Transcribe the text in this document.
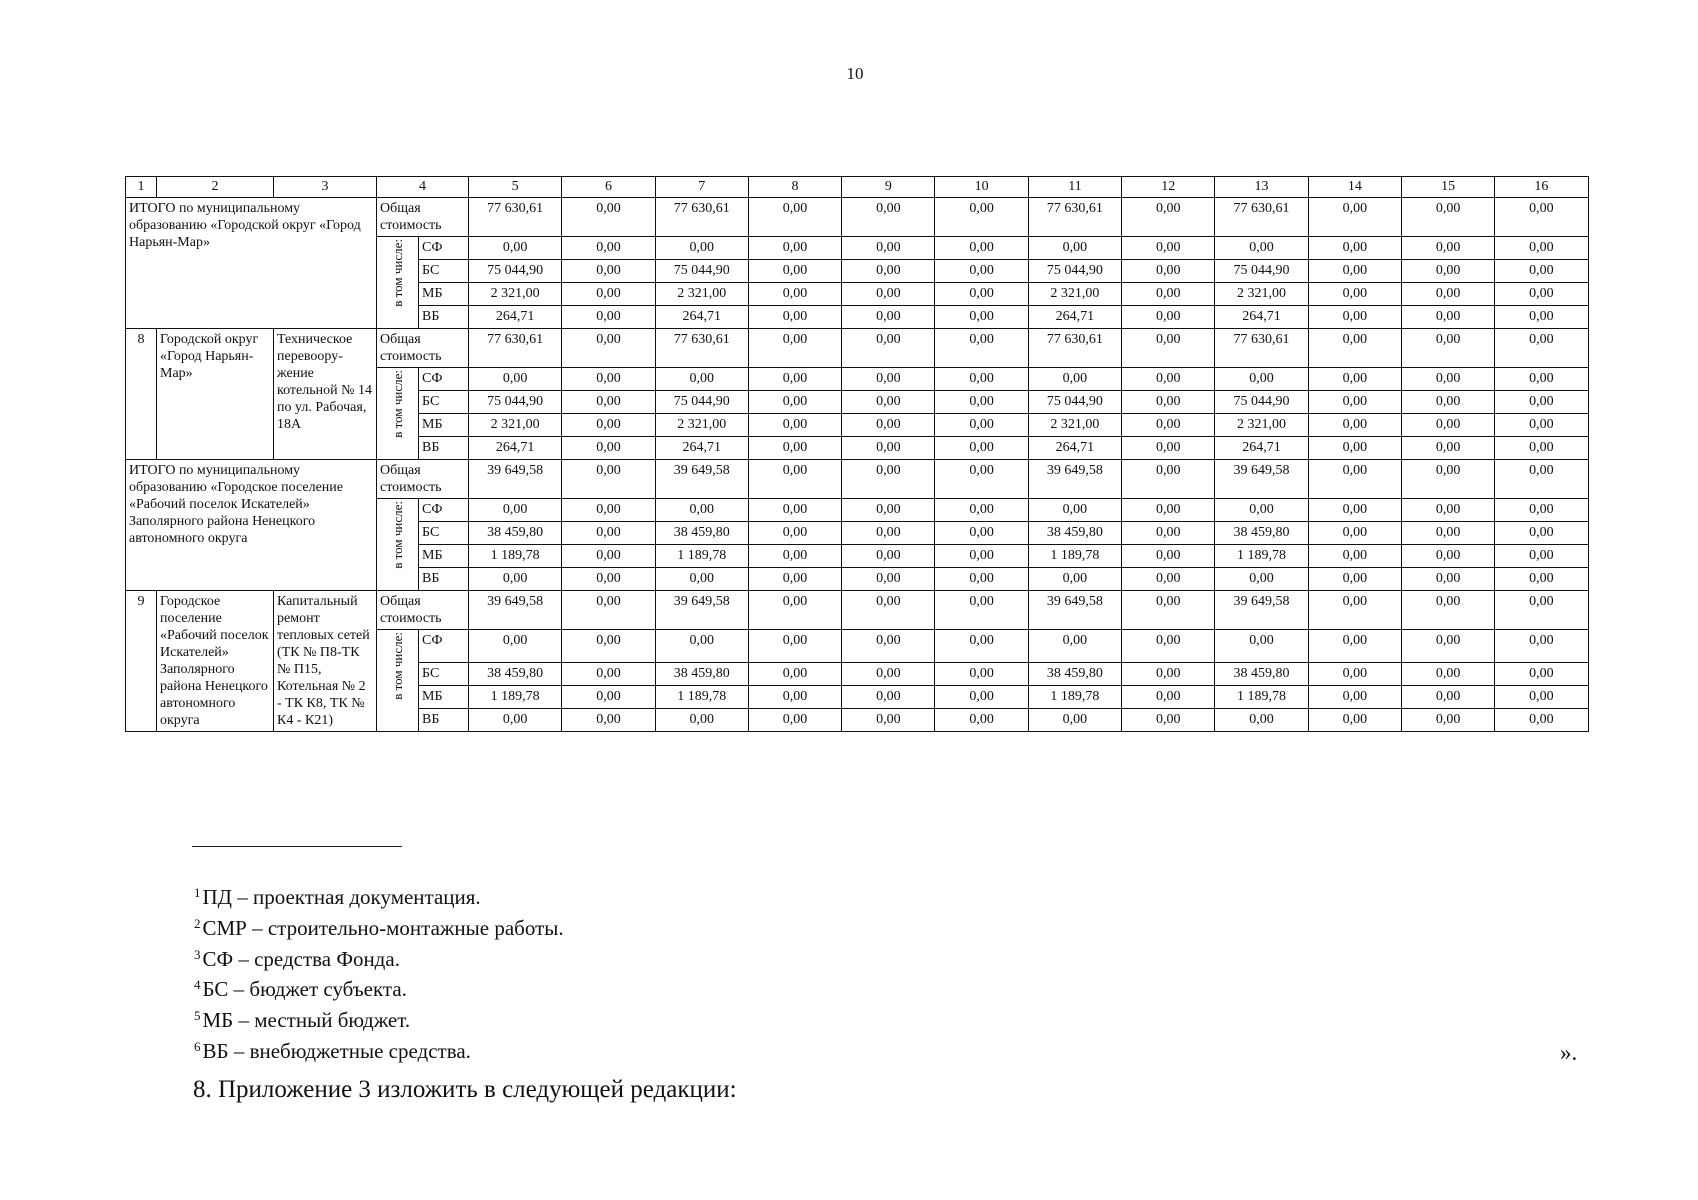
10
1	2	3	4		5	6	7	8	9	10	11	12	13	14	15	16
ИТОГО по муниципальному образованию «Городской округ «Город Нарьян-Мар»			Общая стоимость		77 630,61	0,00	77 630,61	0,00	0,00	0,00	77 630,61	0,00	77 630,61	0,00	0,00	0,00
			в том числе:	СФ	0,00	0,00	0,00	0,00	0,00	0,00	0,00	0,00	0,00	0,00	0,00	0,00
				БС	75 044,90	0,00	75 044,90	0,00	0,00	0,00	75 044,90	0,00	75 044,90	0,00	0,00	0,00
				МБ	2 321,00	0,00	2 321,00	0,00	0,00	0,00	2 321,00	0,00	2 321,00	0,00	0,00	0,00
				ВБ	264,71	0,00	264,71	0,00	0,00	0,00	264,71	0,00	264,71	0,00	0,00	0,00
8	Городской округ «Город Нарьян-Мар»	Техническое перевоору-жение котельной № 14 по ул. Рабочая, 18А	Общая стоимость		77 630,61	0,00	77 630,61	0,00	0,00	0,00	77 630,61	0,00	77 630,61	0,00	0,00	0,00
			в том числе:	СФ	0,00	0,00	0,00	0,00	0,00	0,00	0,00	0,00	0,00	0,00	0,00	0,00
				БС	75 044,90	0,00	75 044,90	0,00	0,00	0,00	75 044,90	0,00	75 044,90	0,00	0,00	0,00
				МБ	2 321,00	0,00	2 321,00	0,00	0,00	0,00	2 321,00	0,00	2 321,00	0,00	0,00	0,00
				ВБ	264,71	0,00	264,71	0,00	0,00	0,00	264,71	0,00	264,71	0,00	0,00	0,00
ИТОГО по муниципальному образованию «Городское поселение «Рабочий поселок Искателей» Заполярного района Ненецкого автономного округа			Общая стоимость		39 649,58	0,00	39 649,58	0,00	0,00	0,00	39 649,58	0,00	39 649,58	0,00	0,00	0,00
			в том числе:	СФ	0,00	0,00	0,00	0,00	0,00	0,00	0,00	0,00	0,00	0,00	0,00	0,00
				БС	38 459,80	0,00	38 459,80	0,00	0,00	0,00	38 459,80	0,00	38 459,80	0,00	0,00	0,00
				МБ	1 189,78	0,00	1 189,78	0,00	0,00	0,00	1 189,78	0,00	1 189,78	0,00	0,00	0,00
				ВБ	0,00	0,00	0,00	0,00	0,00	0,00	0,00	0,00	0,00	0,00	0,00	0,00
9	Городское поселение «Рабочий поселок Искателей» Заполярного района Ненецкого автономного округа	Капитальный ремонт тепловых сетей (ТК № П8-ТК № П15, Котельная № 2 - ТК К8, ТК № К4 - К21)	Общая стоимость		39 649,58	0,00	39 649,58	0,00	0,00	0,00	39 649,58	0,00	39 649,58	0,00	0,00	0,00
			в том числе:	СФ	0,00	0,00	0,00	0,00	0,00	0,00	0,00	0,00	0,00	0,00	0,00	0,00
				БС	38 459,80	0,00	38 459,80	0,00	0,00	0,00	38 459,80	0,00	38 459,80	0,00	0,00	0,00
				МБ	1 189,78	0,00	1 189,78	0,00	0,00	0,00	1 189,78	0,00	1 189,78	0,00	0,00	0,00
				ВБ	0,00	0,00	0,00	0,00	0,00	0,00	0,00	0,00	0,00	0,00	0,00	0,00
$^1$ПД – проектная документация.
$^2$СМР – строительно-монтажные работы.
$^3$СФ – средства Фонда.
$^4$БС – бюджет субъекта.
$^5$МБ – местный бюджет.
$^6$ВБ – внебюджетные средства.	».
8. Приложение 3 изложить в следующей редакции:
